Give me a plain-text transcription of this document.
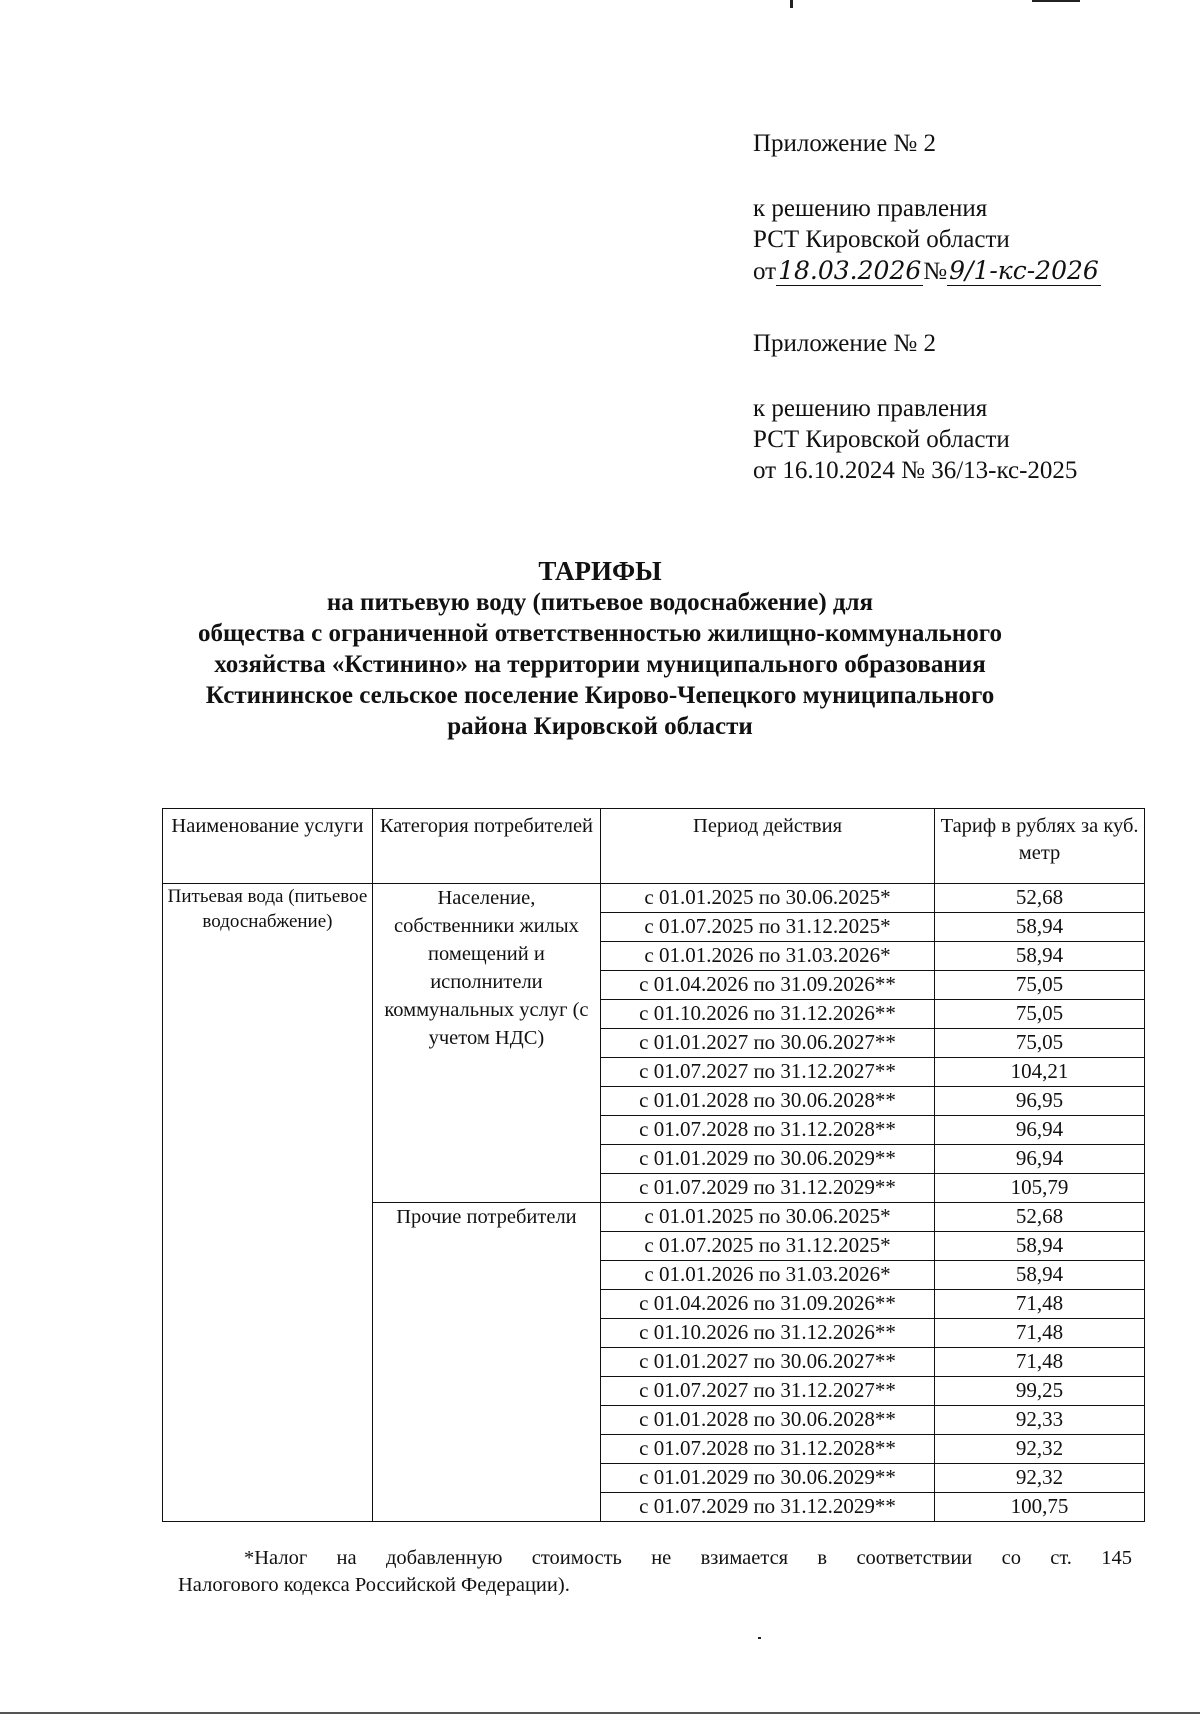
Приложение № 2
к решению правления
РСТ Кировской области
от18.03.2026№9/1-кс-2026
Приложение № 2
к решению правления
РСТ Кировской области
от 16.10.2024 № 36/13-кс-2025
ТАРИФЫ
на питьевую воду (питьевое водоснабжение) для
общества с ограниченной ответственностью жилищно-коммунального
хозяйства «Кстинино» на территории муниципального образования
Кстининское сельское поселение Кирово-Чепецкого муниципального
района Кировской области
Наименование услуги	Категория потребителей	Период действия	Тариф в рублях за куб. метр
Питьевая вода (питьевое водоснабжение)	Население, собственники жилых помещений и исполнители коммунальных услуг (с учетом НДС)	с 01.01.2025 по 30.06.2025*	52,68
		с 01.07.2025 по 31.12.2025*	58,94
		с 01.01.2026 по 31.03.2026*	58,94
		с 01.04.2026 по 31.09.2026**	75,05
		с 01.10.2026 по 31.12.2026**	75,05
		с 01.01.2027 по 30.06.2027**	75,05
		с 01.07.2027 по 31.12.2027**	104,21
		с 01.01.2028 по 30.06.2028**	96,95
		с 01.07.2028 по 31.12.2028**	96,94
		с 01.01.2029 по 30.06.2029**	96,94
		с 01.07.2029 по 31.12.2029**	105,79
	Прочие потребители	с 01.01.2025 по 30.06.2025*	52,68
		с 01.07.2025 по 31.12.2025*	58,94
		с 01.01.2026 по 31.03.2026*	58,94
		с 01.04.2026 по 31.09.2026**	71,48
		с 01.10.2026 по 31.12.2026**	71,48
		с 01.01.2027 по 30.06.2027**	71,48
		с 01.07.2027 по 31.12.2027**	99,25
		с 01.01.2028 по 30.06.2028**	92,33
		с 01.07.2028 по 31.12.2028**	92,32
		с 01.01.2029 по 30.06.2029**	92,32
		с 01.07.2029 по 31.12.2029**	100,75
*Налог на добавленную стоимость не взимается в соответствии со ст. 145
Налогового кодекса Российской Федерации).
